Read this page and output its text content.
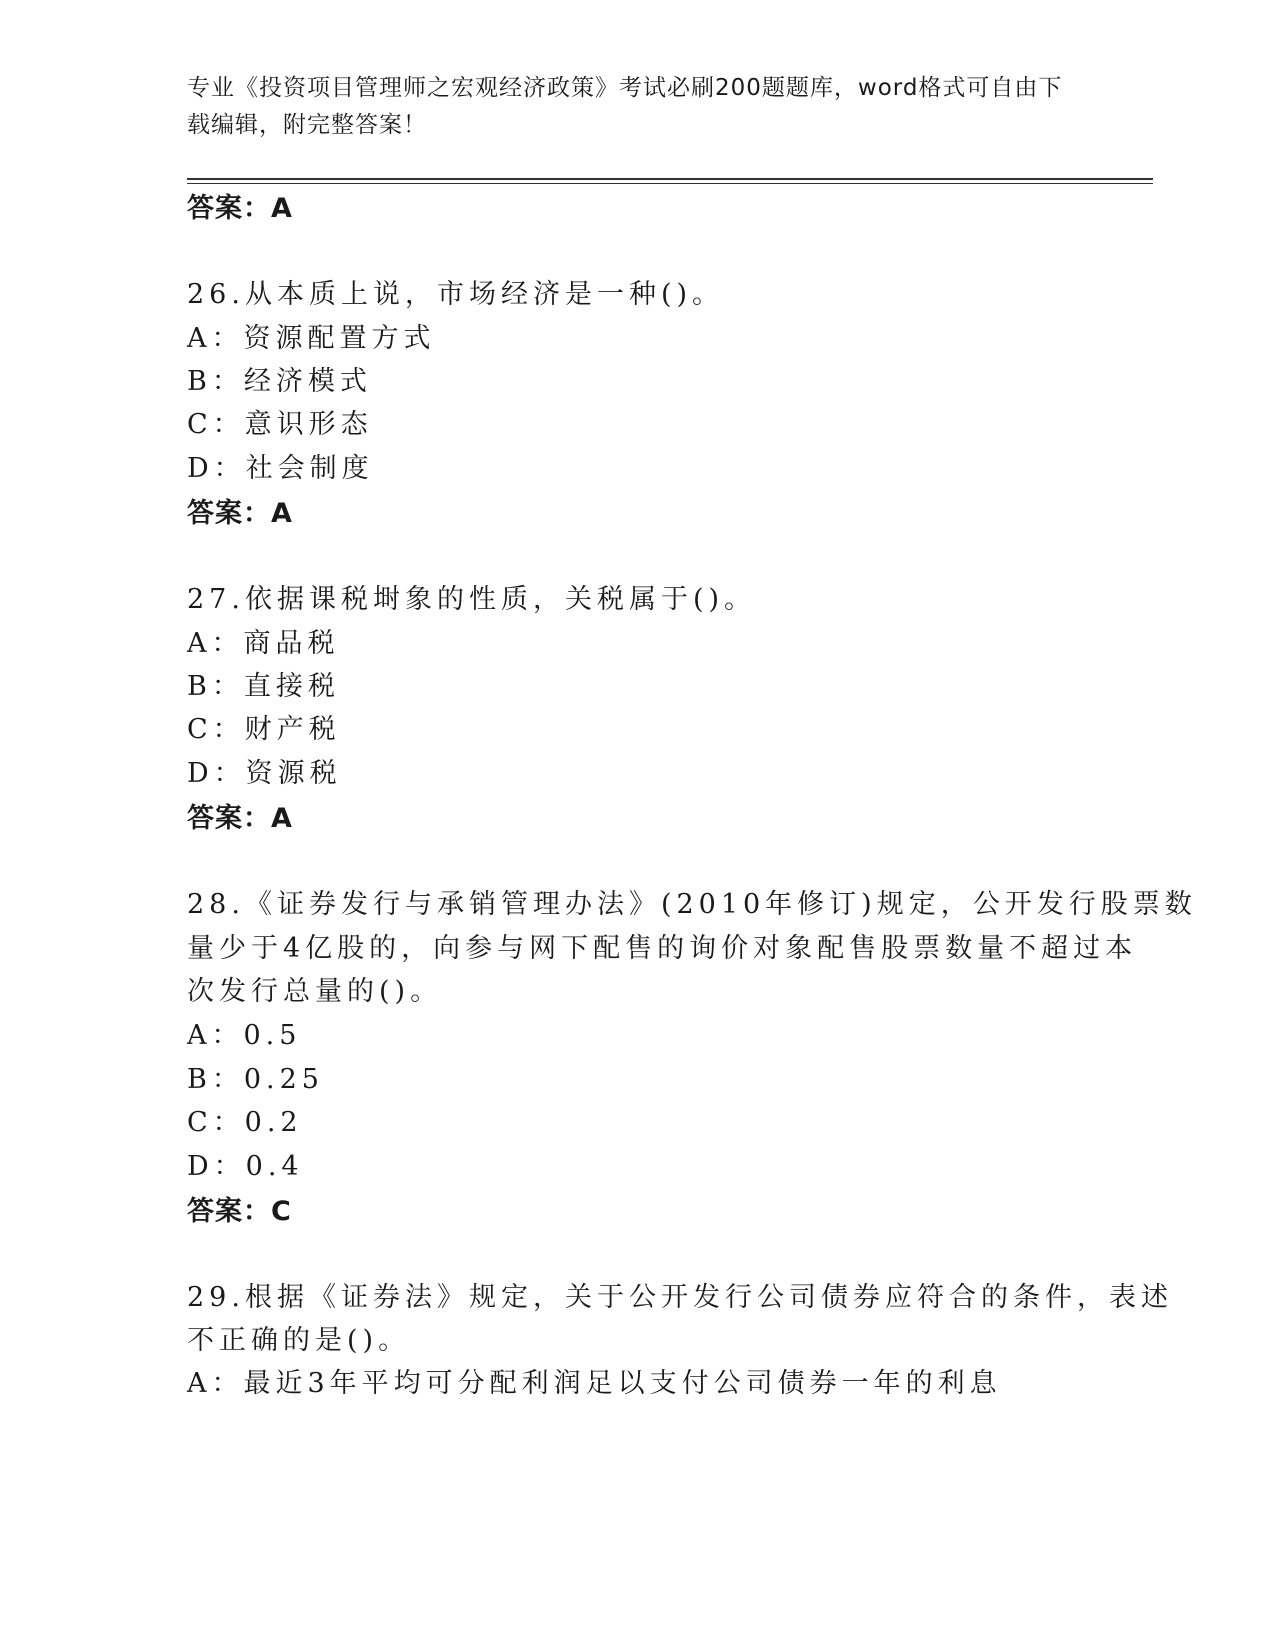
专业《投资项目管理师之宏观经济政策》考试必刷200题题库，word格式可自由下载编辑，附完整答案！
答案：A
26.从本质上说，市场经济是一种()。
A：资源配置方式
B：经济模式
C：意识形态
D：社会制度
答案：A
27.依据课税埘象的性质，关税属于()。
A：商品税
B：直接税
C：财产税
D：资源税
答案：A
28.《证券发行与承销管理办法》(2010年修订)规定，公开发行股票数
量少于4亿股的，向参与网下配售的询价对象配售股票数量不超过本
次发行总量的()。
A：0.5
B：0.25
C：0.2
D：0.4
答案：C
29.根据《证券法》规定，关于公开发行公司债券应符合的条件，表述
不正确的是()。
A：最近3年平均可分配利润足以支付公司债券一年的利息
